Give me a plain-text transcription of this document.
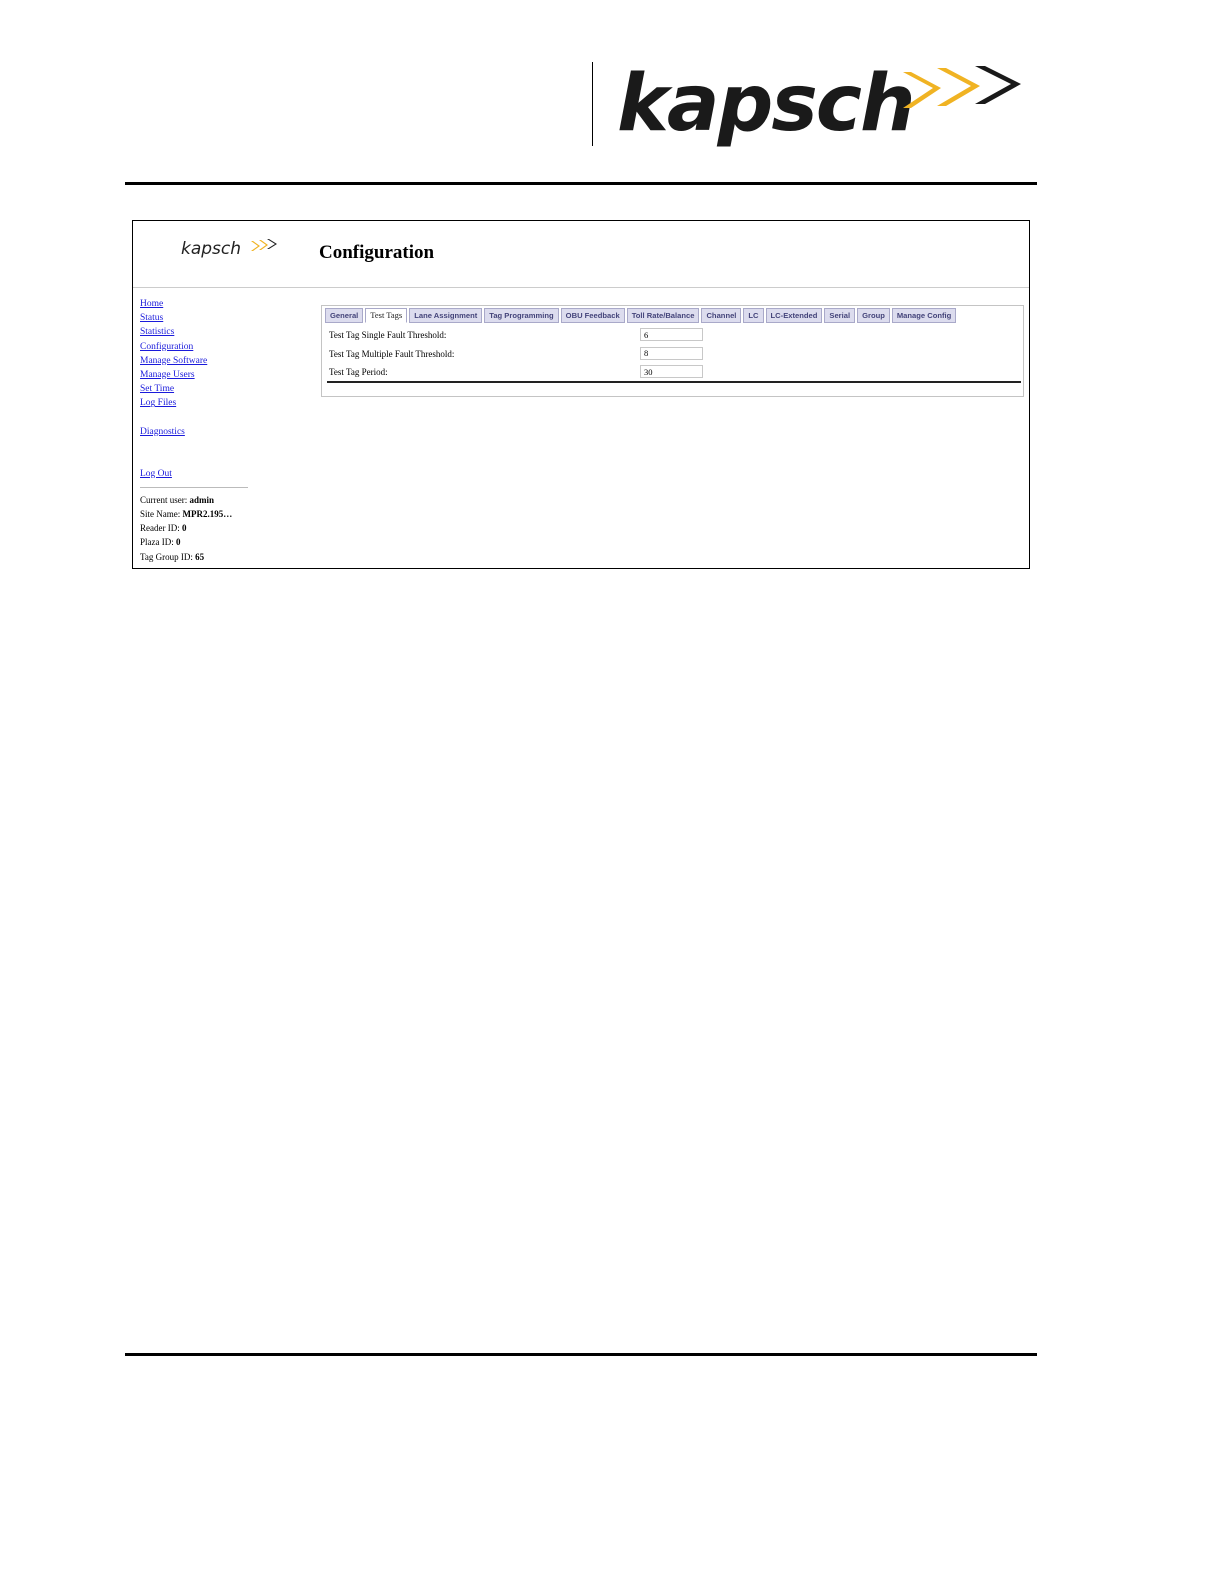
kapsch
kapsch	Configuration
Home
Status
Statistics
Configuration
Manage Software
Manage Users
Set Time
Log Files
Diagnostics
Log Out
Current user: admin
Site Name: MPR2.195…
Reader ID: 0
Plaza ID: 0
Tag Group ID: 65
General	Test Tags	Lane Assignment	Tag Programming	OBU Feedback	Toll Rate/Balance	Channel	LC	LC-Extended	Serial	Group	Manage Config
Test Tag Single Fault Threshold:
6
Test Tag Multiple Fault Threshold:
8
Test Tag Period:
30
